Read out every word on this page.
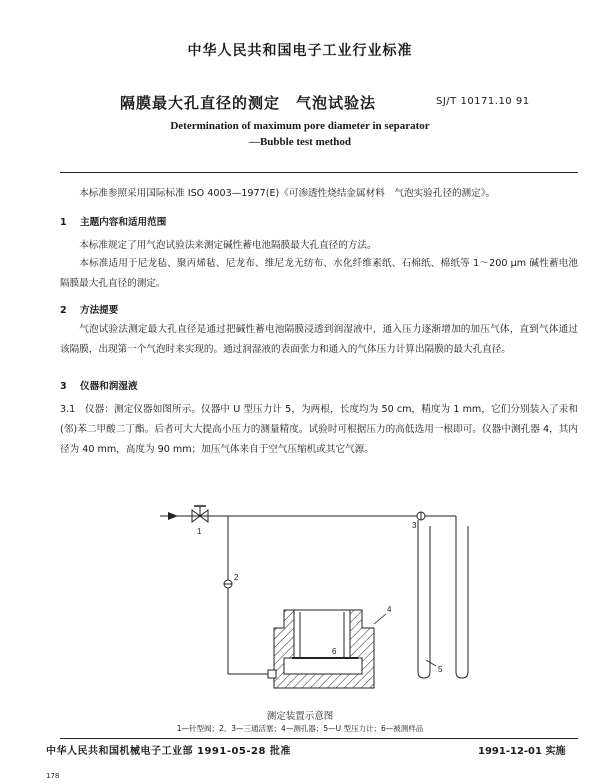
中华人民共和国电子工业行业标准
隔膜最大孔直径的测定　气泡试验法	SJ/T 10171.10 91
Determination of maximum pore diameter in separator
—Bubble test method
本标准参照采用国际标准 ISO 4003—1977(E)《可渗透性烧结金属材料　气泡实验孔径的测定》。
1 主题内容和适用范围
本标准规定了用气泡试验法来测定碱性蓄电池隔膜最大孔直径的方法。
本标准适用于尼龙毡、聚丙烯毡、尼龙布、维尼龙无纺布、水化纤维素纸、石棉纸、棉纸等 1～200 μm 碱性蓄电池隔膜最大孔直径的测定。
2 方法提要
气泡试验法测定最大孔直径是通过把碱性蓄电池隔膜浸透到润湿液中，通入压力逐渐增加的加压气体，直到气体通过该隔膜，出现第一个气泡时来实现的。通过润湿液的表面张力和通入的气体压力计算出隔膜的最大孔直径。
3 仪器和润湿液
3.1　仪器：测定仪器如图所示。仪器中 U 型压力计 5，为两根，长度均为 50 cm，精度为 1 mm，它们分别装入了汞和(邻)苯二甲酸二丁酯。后者可大大提高小压力的测量精度。试验时可根据压力的高低选用一根即可。仪器中测孔器 4，其内径为 40 mm，高度为 90 mm；加压气体来自于空气压缩机或其它气源。
1
2
3
4
5
6
测定装置示意图
1—针型阀；2、3—三通活塞；4—测孔器；5—U 型压力计；6—被测样品
中华人民共和国机械电子工业部 1991-05-28 批准	1991-12-01 实施
178
